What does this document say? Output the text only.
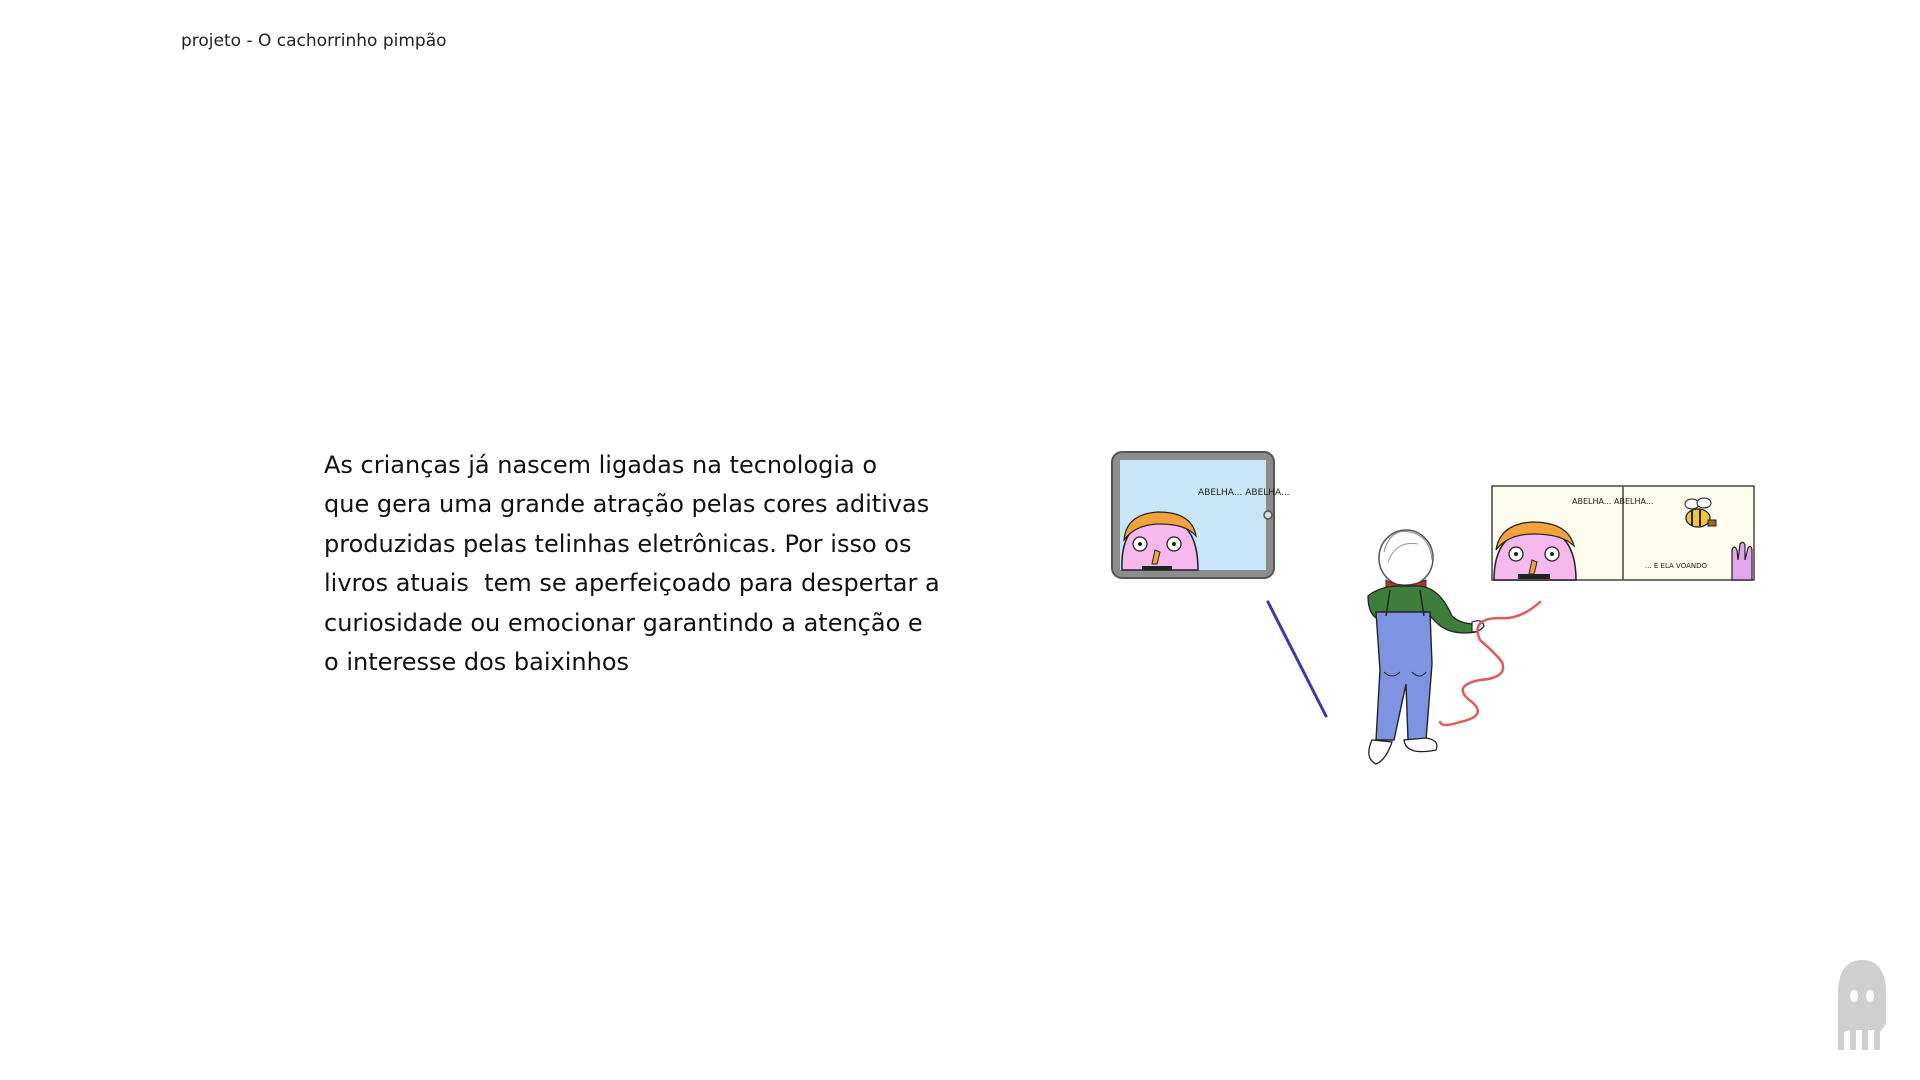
projeto - O cachorrinho pimpão
As crianças já nascem ligadas na tecnologia o
que gera uma grande atração pelas cores aditivas
produzidas pelas telinhas eletrônicas. Por isso os
livros atuais  tem se aperfeiçoado para despertar a
curiosidade ou emocionar garantindo a atenção e
o interesse dos baixinhos
ABELHA... ABELHA...
ABELHA... ABELHA...
... E ELA VOANDO
